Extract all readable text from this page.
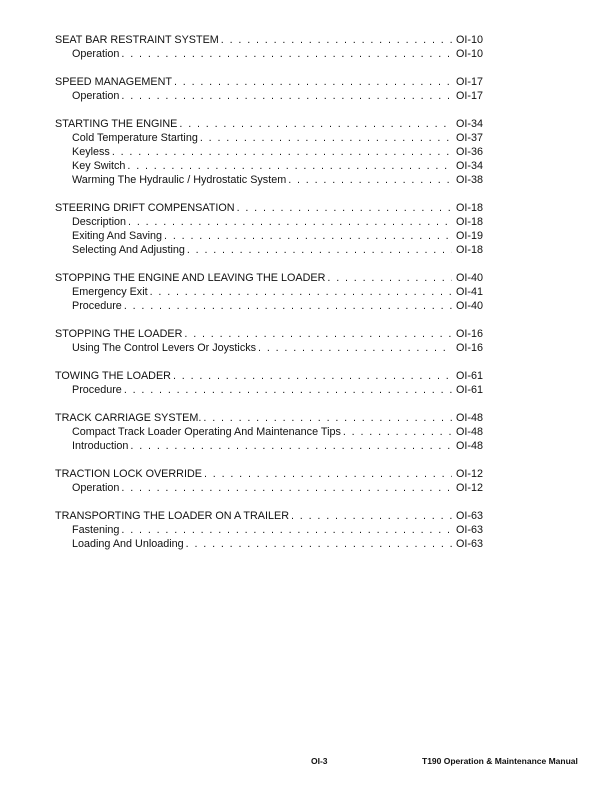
SEAT BAR RESTRAINT SYSTEM . . .	OI-10
Operation . . .	OI-10
SPEED MANAGEMENT . . .	OI-17
Operation . . .	OI-17
STARTING THE ENGINE . . .	OI-34
Cold Temperature Starting . . .	OI-37
Keyless . . .	OI-36
Key Switch . . .	OI-34
Warming The Hydraulic / Hydrostatic System . . .	OI-38
STEERING DRIFT COMPENSATION . . .	OI-18
Description . . .	OI-18
Exiting And Saving . . .	OI-19
Selecting And Adjusting . . .	OI-18
STOPPING THE ENGINE AND LEAVING THE LOADER . . .	OI-40
Emergency Exit . . .	OI-41
Procedure . . .	OI-40
STOPPING THE LOADER . . .	OI-16
Using The Control Levers Or Joysticks . . .	OI-16
TOWING THE LOADER . . .	OI-61
Procedure . . .	OI-61
TRACK CARRIAGE SYSTEM. . . .	OI-48
Compact Track Loader Operating And Maintenance Tips . . .	OI-48
Introduction . . .	OI-48
TRACTION LOCK OVERRIDE . . .	OI-12
Operation . . .	OI-12
TRANSPORTING THE LOADER ON A TRAILER . . .	OI-63
Fastening . . .	OI-63
Loading And Unloading . . .	OI-63
OI-3	T190 Operation & Maintenance Manual
